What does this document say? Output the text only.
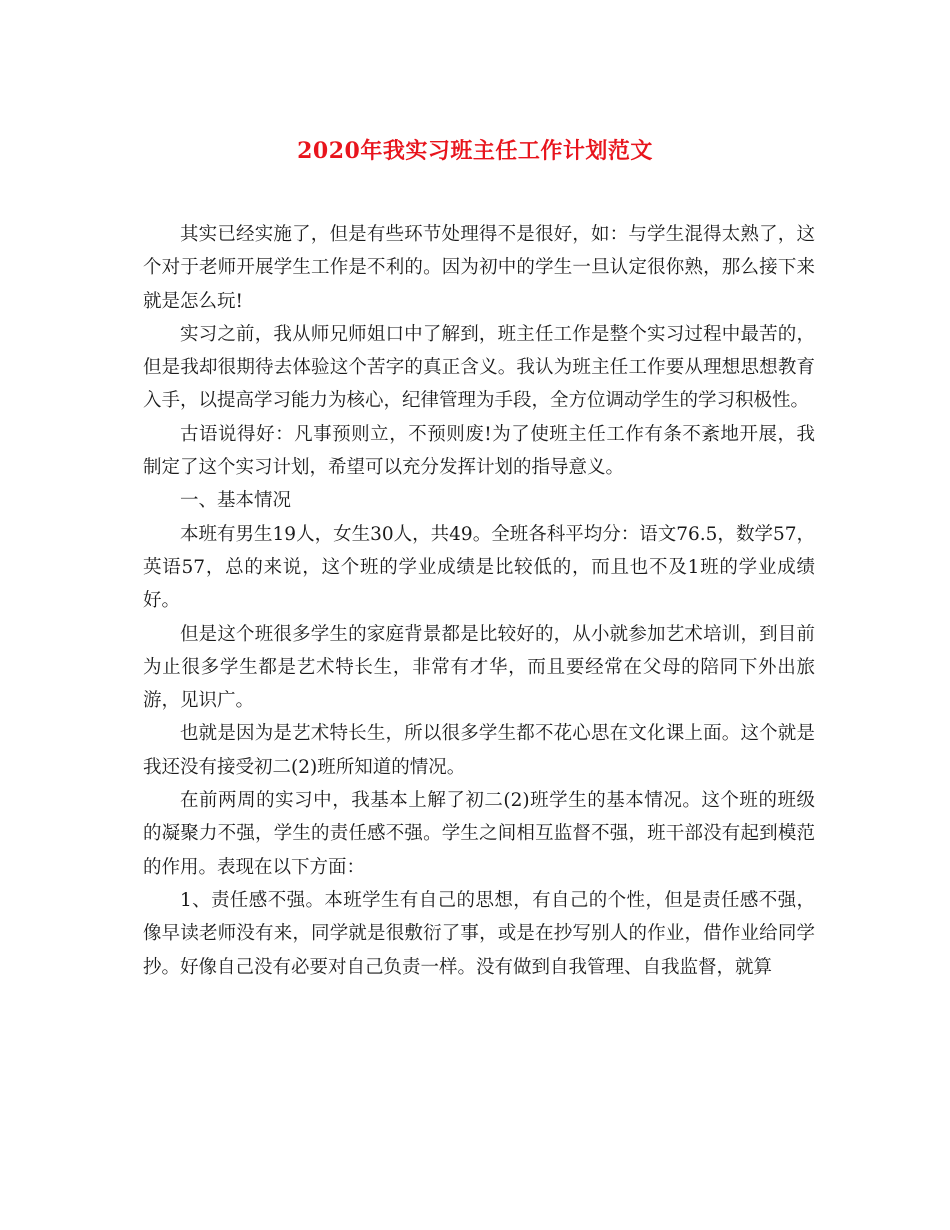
2020年我实习班主任工作计划范文

其实已经实施了，但是有些环节处理得不是很好，如：与学生混得太熟了，这个对于老师开展学生工作是不利的。因为初中的学生一旦认定很你熟，那么接下来就是怎么玩!

实习之前，我从师兄师姐口中了解到，班主任工作是整个实习过程中最苦的，但是我却很期待去体验这个苦字的真正含义。我认为班主任工作要从理想思想教育入手，以提高学习能力为核心，纪律管理为手段，全方位调动学生的学习积极性。

古语说得好：凡事预则立，不预则废!为了使班主任工作有条不紊地开展，我制定了这个实习计划，希望可以充分发挥计划的指导意义。

一、基本情况

本班有男生19人，女生30人，共49。全班各科平均分：语文76.5，数学57，英语57，总的来说，这个班的学业成绩是比较低的，而且也不及1班的学业成绩好。

但是这个班很多学生的家庭背景都是比较好的，从小就参加艺术培训，到目前为止很多学生都是艺术特长生，非常有才华，而且要经常在父母的陪同下外出旅游，见识广。

也就是因为是艺术特长生，所以很多学生都不花心思在文化课上面。这个就是我还没有接受初二(2)班所知道的情况。

在前两周的实习中，我基本上解了初二(2)班学生的基本情况。这个班的班级的凝聚力不强，学生的责任感不强。学生之间相互监督不强，班干部没有起到模范的作用。表现在以下方面：

1、责任感不强。本班学生有自己的思想，有自己的个性，但是责任感不强，像早读老师没有来，同学就是很敷衍了事，或是在抄写别人的作业，借作业给同学抄。好像自己没有必要对自己负责一样。没有做到自我管理、自我监督，就算
